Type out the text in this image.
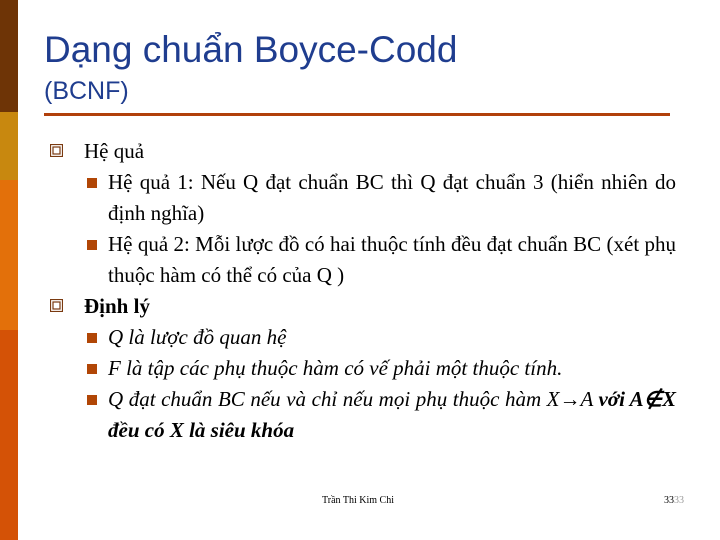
Dạng chuẩn Boyce-Codd
(BCNF)
Hệ quả
Hệ quả 1: Nếu Q đạt chuẩn BC thì Q đạt chuẩn 3 (hiển nhiên do định nghĩa)
Hệ quả 2: Mỗi lược đồ có hai thuộc tính đều đạt chuẩn BC (xét phụ thuộc hàm có thể có của Q )
Định lý
Q là lược đồ quan hệ
F là tập các phụ thuộc hàm có vế phải một thuộc tính.
Q đạt chuẩn BC nếu và chỉ nếu mọi phụ thuộc hàm X→A với A∉X đều có X là siêu khóa
Trần Thi Kim Chi	3333
